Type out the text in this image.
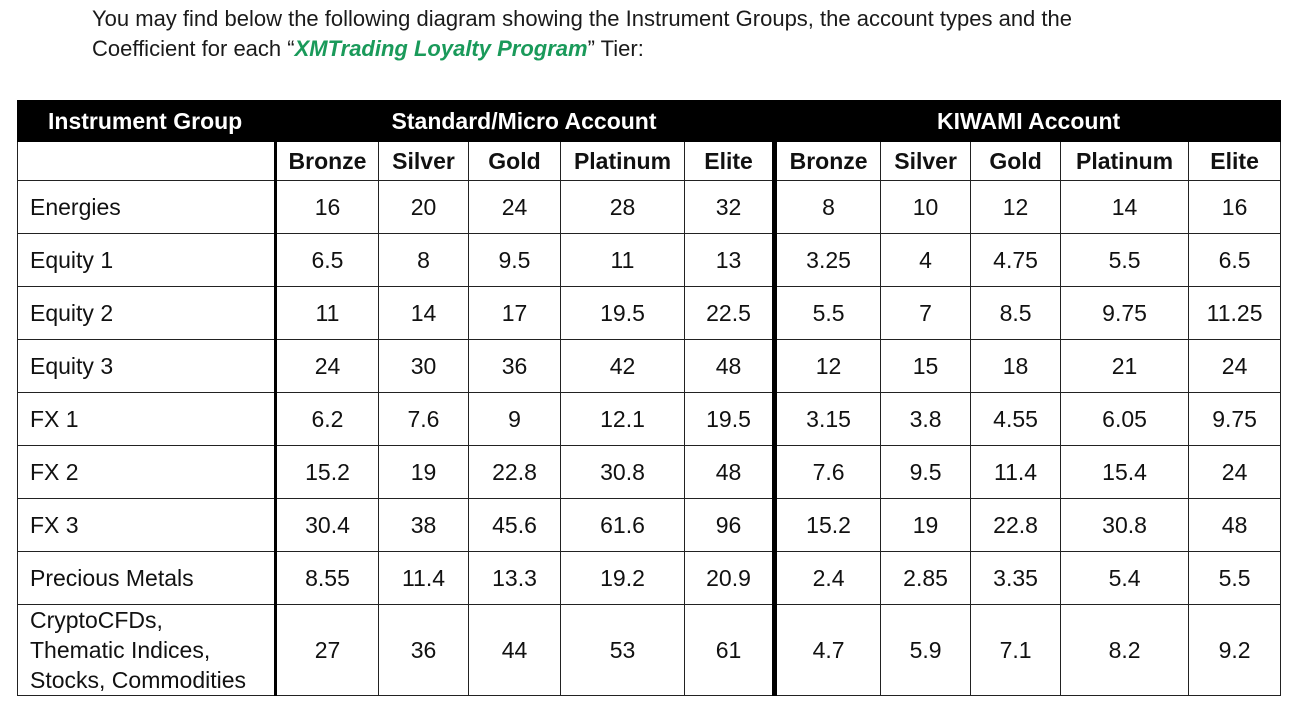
You may find below the following diagram showing the Instrument Groups, the account types and the
Coefficient for each “XMTrading Loyalty Program” Tier:
Instrument Group	Standard/Micro Account					KIWAMI Account				
	Bronze	Silver	Gold	Platinum	Elite	Bronze	Silver	Gold	Platinum	Elite
Energies	16	20	24	28	32	8	10	12	14	16
Equity 1	6.5	8	9.5	11	13	3.25	4	4.75	5.5	6.5
Equity 2	11	14	17	19.5	22.5	5.5	7	8.5	9.75	11.25
Equity 3	24	30	36	42	48	12	15	18	21	24
FX 1	6.2	7.6	9	12.1	19.5	3.15	3.8	4.55	6.05	9.75
FX 2	15.2	19	22.8	30.8	48	7.6	9.5	11.4	15.4	24
FX 3	30.4	38	45.6	61.6	96	15.2	19	22.8	30.8	48
Precious Metals	8.55	11.4	13.3	19.2	20.9	2.4	2.85	3.35	5.4	5.5

CryptoCFDs,
Thematic Indices,
Stocks, Commodities	27	36	44	53	61	4.7	5.9	7.1	8.2	9.2
